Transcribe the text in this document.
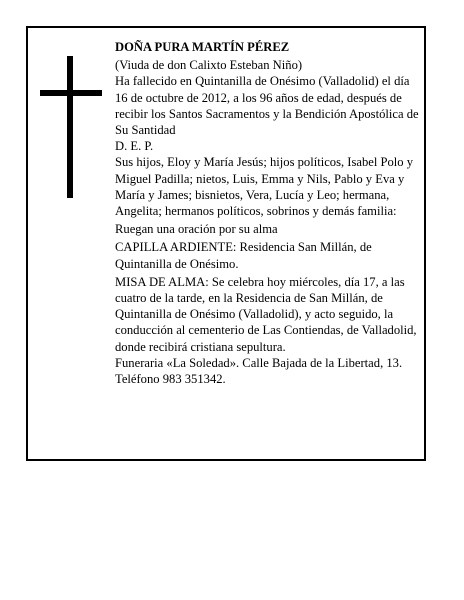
DOÑA PURA MARTÍN PÉREZ

(Viuda de don Calixto Esteban Niño)

Ha fallecido en Quintanilla de Onésimo (Valladolid) el día 16 de octubre de 2012, a los 96 años de edad, después de recibir los Santos Sacramentos y la Bendición Apostólica de Su Santidad

D. E. P.

Sus hijos, Eloy y María Jesús; hijos políticos, Isabel Polo y Miguel Padilla; nietos, Luis, Emma y Nils, Pablo y Eva y María y James; bisnietos, Vera, Lucía y Leo; hermana, Angelita; hermanos políticos, sobrinos y demás familia:

Ruegan una oración por su alma

CAPILLA ARDIENTE: Residencia San Millán, de Quintanilla de Onésimo.

MISA DE ALMA: Se celebra hoy miércoles, día 17, a las cuatro de la tarde, en la Residencia de San Millán, de Quintanilla de Onésimo (Valladolid), y acto seguido, la conducción al cementerio de Las Contiendas, de Valladolid, donde recibirá cristiana sepultura.

Funeraria «La Soledad». Calle Bajada de la Libertad, 13. Teléfono 983 351342.
